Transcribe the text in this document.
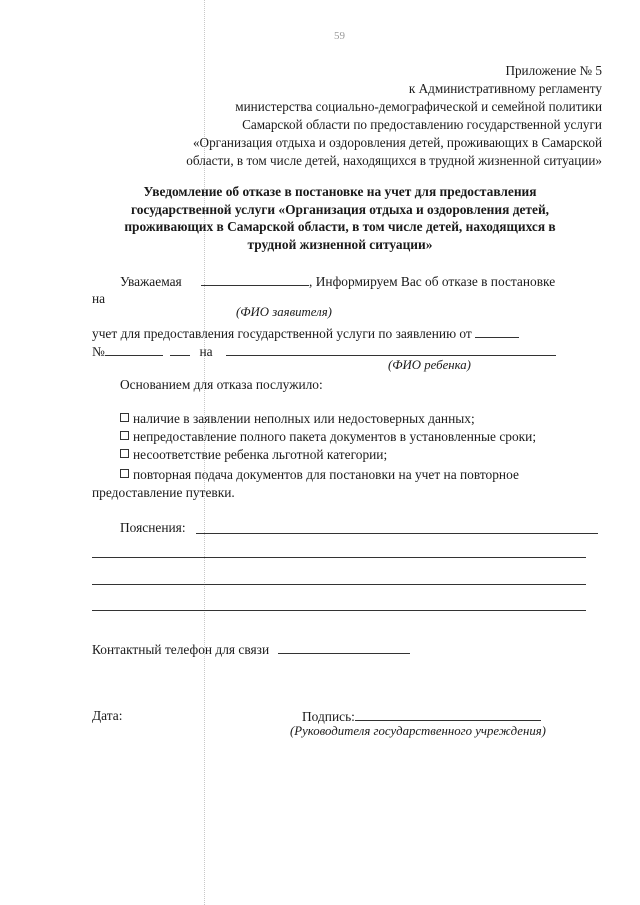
59
Приложение № 5
к Административному регламенту
министерства социально-демографической и семейной политики
Самарской области по предоставлению государственной услуги
«Организация отдыха и оздоровления детей, проживающих в Самарской
области, в том числе детей, находящихся в трудной жизненной ситуации»
Уведомление об отказе в постановке на учет для предоставления
государственной услуги «Организация отдыха и оздоровления детей,
проживающих в Самарской области, в том числе детей, находящихся в
трудной жизненной ситуации»
Уважаемая	, Информируем Вас об отказе в постановке
на
(ФИО заявителя)
учет для предоставления государственной услуги по заявлению от
№	на
(ФИО ребенка)
Основанием для отказа послужило:
наличие в заявлении неполных или недостоверных данных;
непредоставление полного пакета документов в установленные сроки;
несоответствие ребенка льготной категории;
повторная подача документов для постановки на учет на повторное
предоставление путевки.
Пояснения:
Контактный телефон для связи
Дата:	Подпись:
(Руководителя государственного учреждения)
